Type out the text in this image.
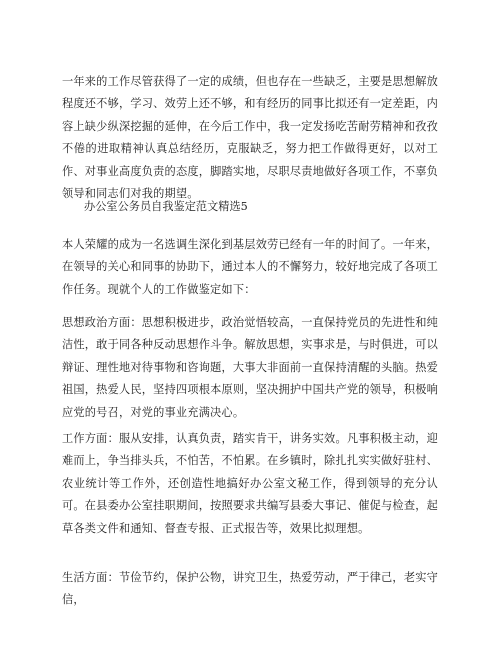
一年来的工作尽管获得了一定的成绩，但也存在一些缺乏，主要是思想解放程度还不够，学习、效劳上还不够，和有经历的同事比拟还有一定差距，内容上缺少纵深挖掘的延伸，在今后工作中，我一定发扬吃苦耐劳精神和孜孜不倦的进取精神认真总结经历，克服缺乏，努力把工作做得更好，以对工作、对事业高度负责的态度，脚踏实地，尽职尽责地做好各项工作，不辜负领导和同志们对我的期望。

办公室公务员自我鉴定范文精选5

本人荣耀的成为一名选调生深化到基层效劳已经有一年的时间了。一年来，在领导的关心和同事的协助下，通过本人的不懈努力，较好地完成了各项工作任务。现就个人的工作做鉴定如下：

思想政治方面：思想积极进步，政治觉悟较高，一直保持党员的先进性和纯洁性，敢于同各种反动思想作斗争。解放思想，实事求是，与时俱进，可以辩证、理性地对待事物和咨询题，大事大非面前一直保持清醒的头脑。热爱祖国，热爱人民，坚持四项根本原则，坚决拥护中国共产党的领导，积极响应党的号召，对党的事业充满决心。

工作方面：服从安排，认真负责，踏实肯干，讲务实效。凡事积极主动，迎难而上，争当排头兵，不怕苦，不怕累。在乡镇时，除扎扎实实做好驻村、农业统计等工作外，还创造性地搞好办公室文秘工作，得到领导的充分认可。在县委办公室挂职期间，按照要求共编写县委大事记、催促与检查，起草各类文件和通知、督查专报、正式报告等，效果比拟理想。

生活方面：节俭节约，保护公物，讲究卫生，热爱劳动，严于律己，老实守信，
